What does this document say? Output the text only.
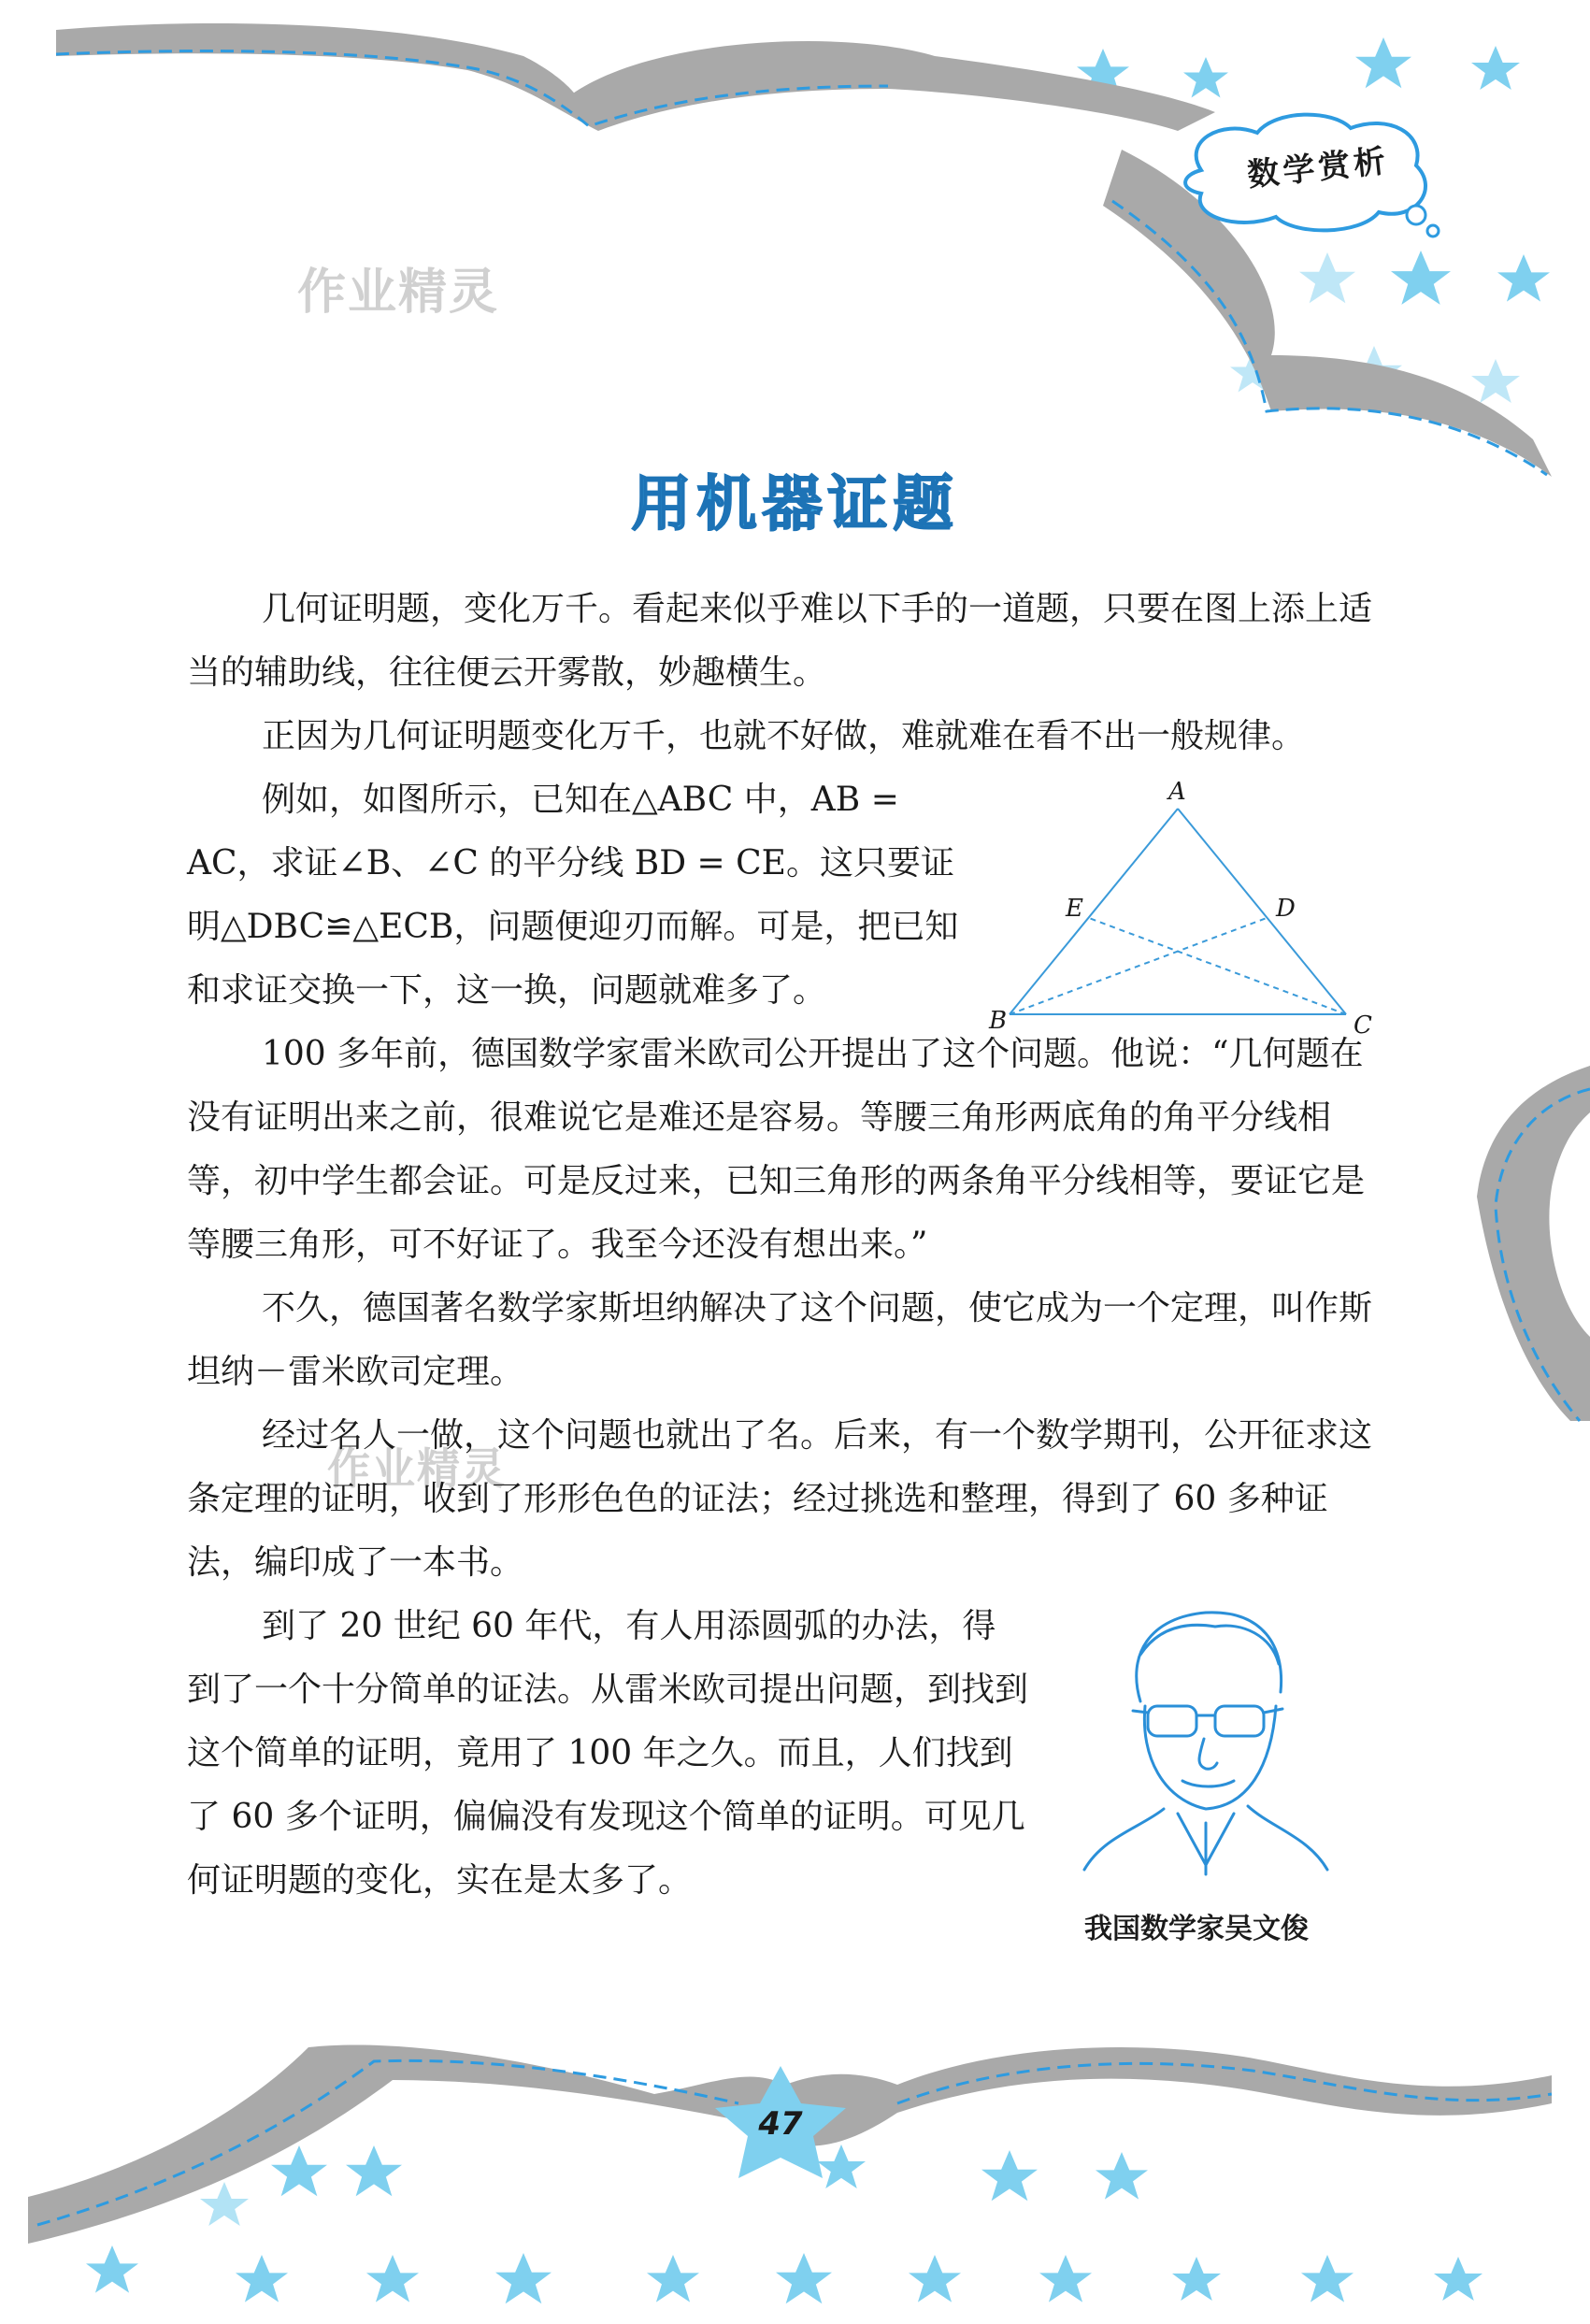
数学赏析
作业精灵
作业精灵
用机器证题

几何证明题，变化万千。看起来似乎难以下手的一道题，只要在图上添上适当的辅助线，往往便云开雾散，妙趣横生。

正因为几何证明题变化万千，也就不好做，难就难在看不出一般规律。

例如，如图所示，已知在△ABC 中，AB = AC，求证∠B、∠C 的平分线 BD = CE。这只要证明△DBC≌△ECB，问题便迎刃而解。可是，把已知和求证交换一下，这一换，问题就难多了。

100 多年前，德国数学家雷米欧司公开提出了这个问题。他说：“几何题在没有证明出来之前，很难说它是难还是容易。等腰三角形两底角的角平分线相等，初中学生都会证。可是反过来，已知三角形的两条角平分线相等，要证它是等腰三角形，可不好证了。我至今还没有想出来。”

不久，德国著名数学家斯坦纳解决了这个问题，使它成为一个定理，叫作斯坦纳－雷米欧司定理。

经过名人一做，这个问题也就出了名。后来，有一个数学期刊，公开征求这条定理的证明，收到了形形色色的证法；经过挑选和整理，得到了 60 多种证法，编印成了一本书。

到了 20 世纪 60 年代，有人用添圆弧的办法，得到了一个十分简单的证法。从雷米欧司提出问题，到找到这个简单的证明，竟用了 100 年之久。而且，人们找到了 60 多个证明，偏偏没有发现这个简单的证明。可见几何证明题的变化，实在是太多了。

A
B	C
D
E
我国数学家吴文俊
47
